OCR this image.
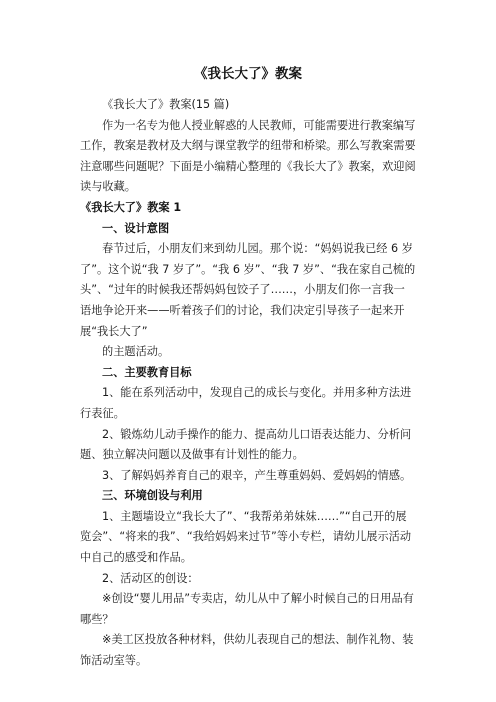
《我长大了》教案

《我长大了》教案(15 篇)

作为一名专为他人授业解惑的人民教师，可能需要进行教案编写工作，教案是教材及大纲与课堂教学的纽带和桥梁。那么写教案需要注意哪些问题呢？下面是小编精心整理的《我长大了》教案，欢迎阅读与收藏。

《我长大了》教案 1

一、设计意图

春节过后，小朋友们来到幼儿园。那个说：“妈妈说我已经 6 岁了”。这个说“我 7 岁了”。“我 6 岁”、“我 7 岁”、“我在家自己梳的头”、“过年的时候我还帮妈妈包饺子了……，小朋友们你一言我一语地争论开来——听着孩子们的讨论，我们决定引导孩子一起来开展“我长大了”

的主题活动。

二、主要教育目标

1、能在系列活动中，发现自己的成长与变化。并用多种方法进行表征。

2、锻炼幼儿动手操作的能力、提高幼儿口语表达能力、分析问题、独立解决问题以及做事有计划性的能力。

3、了解妈妈养育自己的艰辛，产生尊重妈妈、爱妈妈的情感。

三、环境创设与利用

1、主题墙设立“我长大了”、“我帮弟弟妹妹……”“自己开的展览会”、“将来的我”、“我给妈妈来过节”等小专栏，请幼儿展示活动中自己的感受和作品。

2、活动区的创设：

※创设“婴儿用品”专卖店，幼儿从中了解小时候自己的日用品有哪些？

※美工区投放各种材料，供幼儿表现自己的想法、制作礼物、装饰活动室等。
